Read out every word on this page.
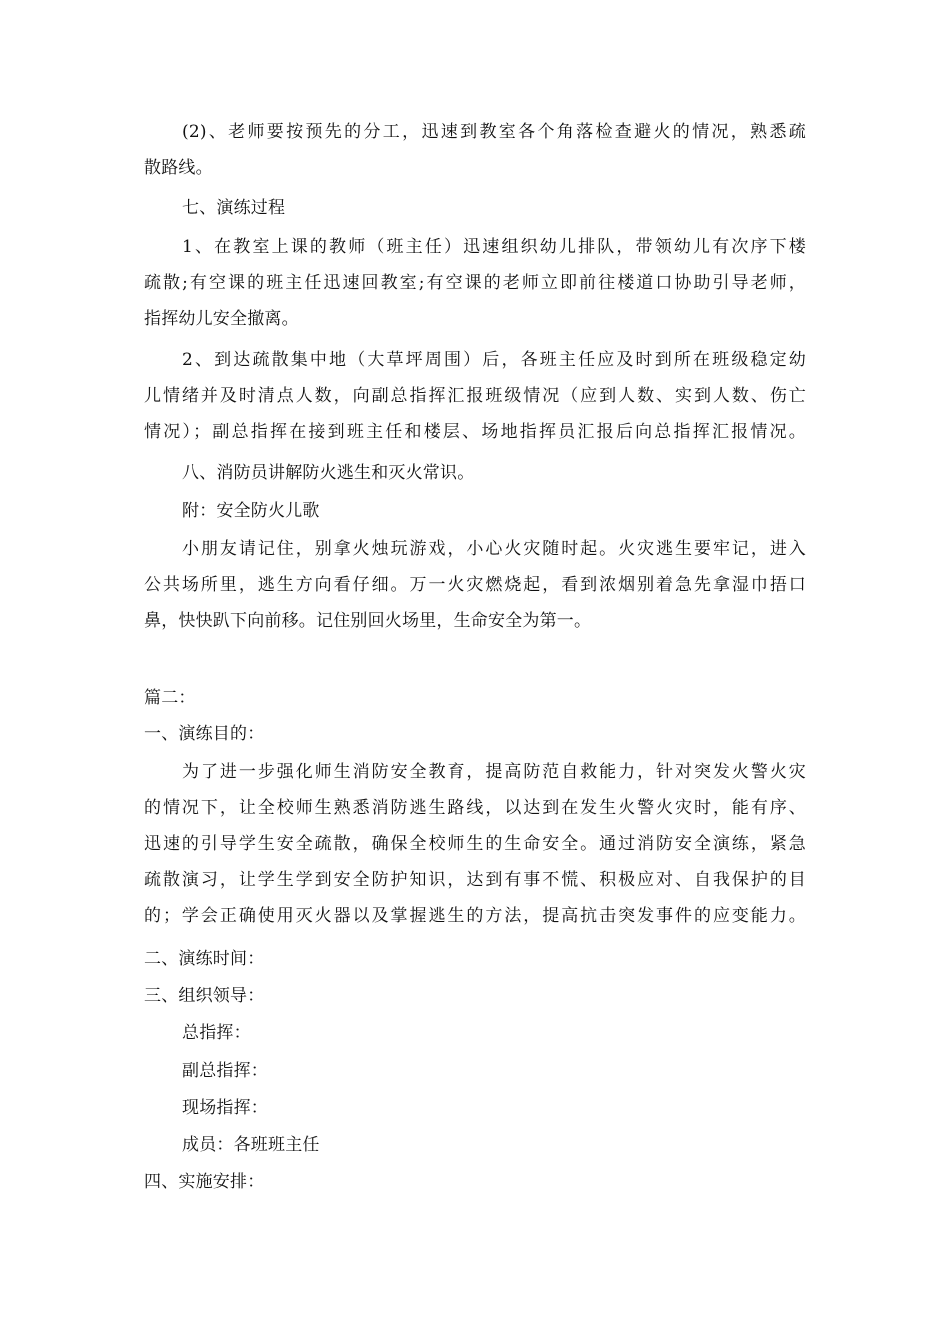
(2)、老师要按预先的分工，迅速到教室各个角落检查避火的情况，熟悉疏
散路线。
七、演练过程
1、在教室上课的教师（班主任）迅速组织幼儿排队，带领幼儿有次序下楼
疏散;有空课的班主任迅速回教室;有空课的老师立即前往楼道口协助引导老师，
指挥幼儿安全撤离。
2、到达疏散集中地（大草坪周围）后，各班主任应及时到所在班级稳定幼
儿情绪并及时清点人数，向副总指挥汇报班级情况（应到人数、实到人数、伤亡
情况）；副总指挥在接到班主任和楼层、场地指挥员汇报后向总指挥汇报情况。
八、消防员讲解防火逃生和灭火常识。
附：安全防火儿歌
小朋友请记住，别拿火烛玩游戏，小心火灾随时起。火灾逃生要牢记，进入
公共场所里，逃生方向看仔细。万一火灾燃烧起，看到浓烟别着急先拿湿巾捂口
鼻，快快趴下向前移。记住别回火场里，生命安全为第一。
篇二：
一、演练目的：
为了进一步强化师生消防安全教育，提高防范自救能力，针对突发火警火灾
的情况下，让全校师生熟悉消防逃生路线，以达到在发生火警火灾时，能有序、
迅速的引导学生安全疏散，确保全校师生的生命安全。通过消防安全演练，紧急
疏散演习，让学生学到安全防护知识，达到有事不慌、积极应对、自我保护的目
的；学会正确使用灭火器以及掌握逃生的方法，提高抗击突发事件的应变能力。
二、演练时间：
三、组织领导：
总指挥：
副总指挥：
现场指挥：
成员：各班班主任
四、实施安排：
